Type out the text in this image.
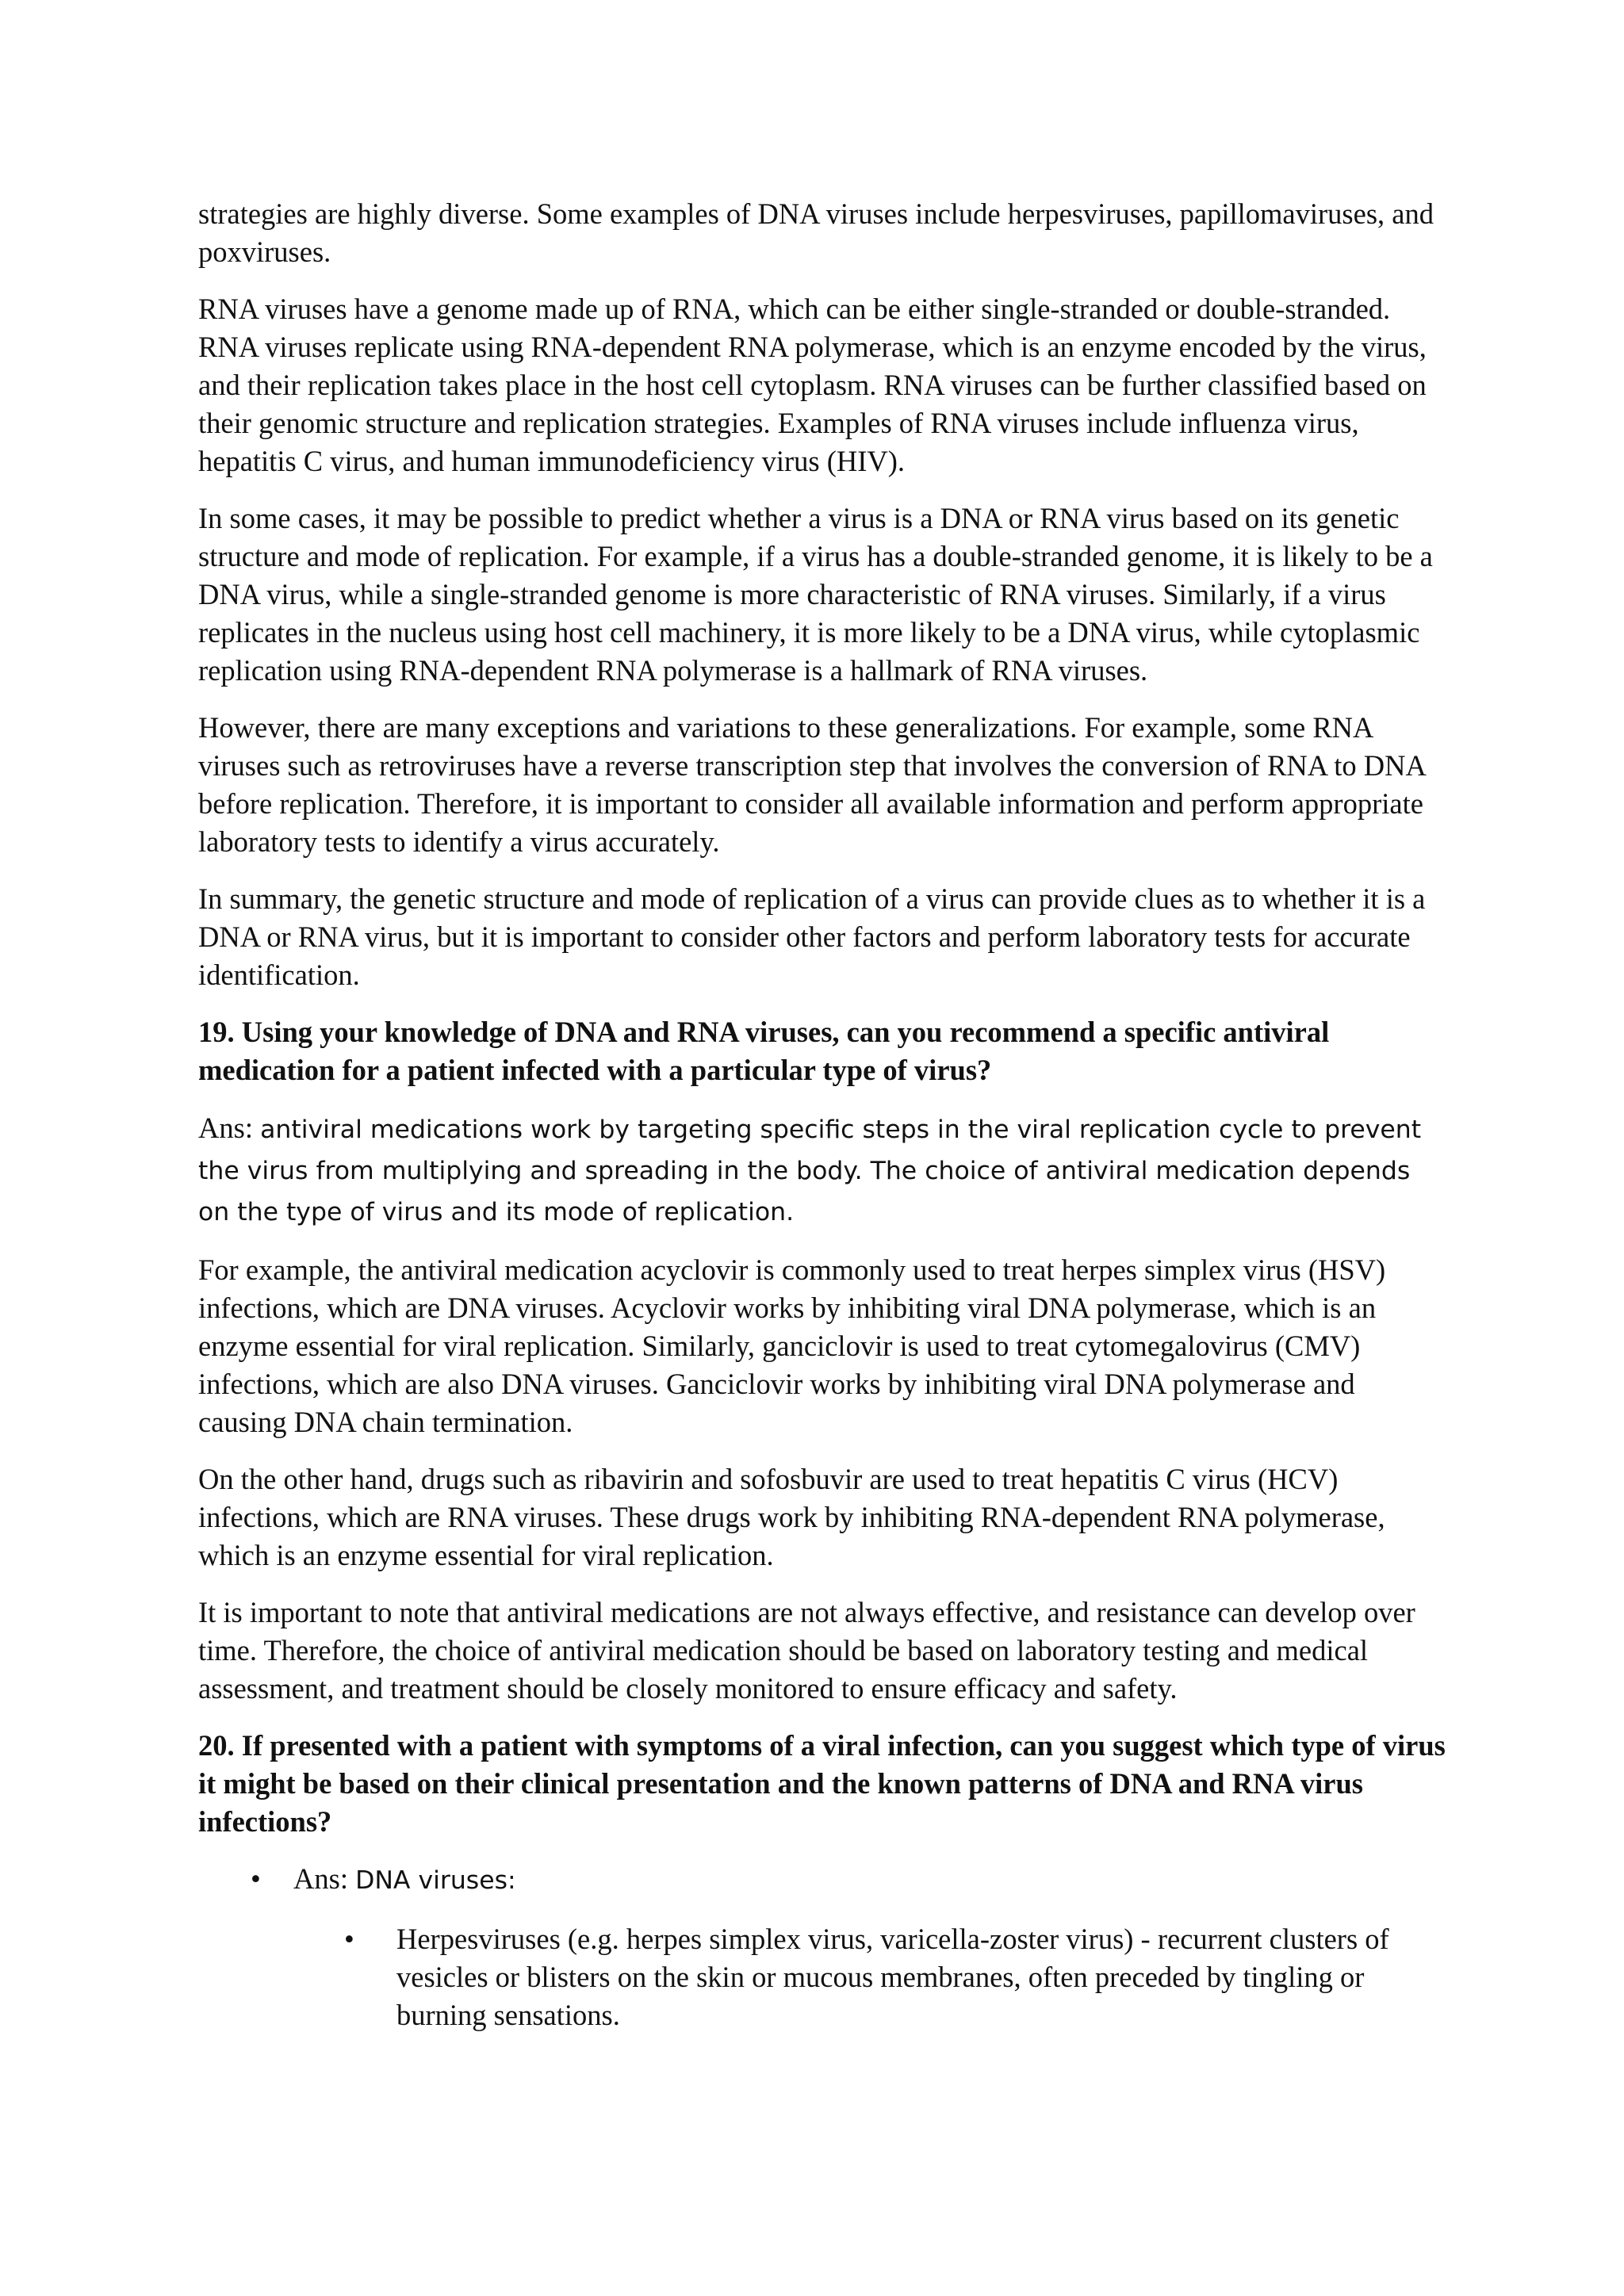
strategies are highly diverse. Some examples of DNA viruses include herpesviruses, papillomaviruses, and poxviruses.

RNA viruses have a genome made up of RNA, which can be either single-stranded or double-stranded. RNA viruses replicate using RNA-dependent RNA polymerase, which is an enzyme encoded by the virus, and their replication takes place in the host cell cytoplasm. RNA viruses can be further classified based on their genomic structure and replication strategies. Examples of RNA viruses include influenza virus, hepatitis C virus, and human immunodeficiency virus (HIV).

In some cases, it may be possible to predict whether a virus is a DNA or RNA virus based on its genetic structure and mode of replication. For example, if a virus has a double-stranded genome, it is likely to be a DNA virus, while a single-stranded genome is more characteristic of RNA viruses. Similarly, if a virus replicates in the nucleus using host cell machinery, it is more likely to be a DNA virus, while cytoplasmic replication using RNA-dependent RNA polymerase is a hallmark of RNA viruses.

However, there are many exceptions and variations to these generalizations. For example, some RNA viruses such as retroviruses have a reverse transcription step that involves the conversion of RNA to DNA before replication. Therefore, it is important to consider all available information and perform appropriate laboratory tests to identify a virus accurately.

In summary, the genetic structure and mode of replication of a virus can provide clues as to whether it is a DNA or RNA virus, but it is important to consider other factors and perform laboratory tests for accurate identification.

19. Using your knowledge of DNA and RNA viruses, can you recommend a specific antiviral medication for a patient infected with a particular type of virus?

Ans: antiviral medications work by targeting specific steps in the viral replication cycle to prevent the virus from multiplying and spreading in the body. The choice of antiviral medication depends on the type of virus and its mode of replication.

For example, the antiviral medication acyclovir is commonly used to treat herpes simplex virus (HSV) infections, which are DNA viruses. Acyclovir works by inhibiting viral DNA polymerase, which is an enzyme essential for viral replication. Similarly, ganciclovir is used to treat cytomegalovirus (CMV) infections, which are also DNA viruses. Ganciclovir works by inhibiting viral DNA polymerase and causing DNA chain termination.

On the other hand, drugs such as ribavirin and sofosbuvir are used to treat hepatitis C virus (HCV) infections, which are RNA viruses. These drugs work by inhibiting RNA-dependent RNA polymerase, which is an enzyme essential for viral replication.

It is important to note that antiviral medications are not always effective, and resistance can develop over time. Therefore, the choice of antiviral medication should be based on laboratory testing and medical assessment, and treatment should be closely monitored to ensure efficacy and safety.

20. If presented with a patient with symptoms of a viral infection, can you suggest which type of virus it might be based on their clinical presentation and the known patterns of DNA and RNA virus infections?

• Ans: DNA viruses:
• Herpesviruses (e.g. herpes simplex virus, varicella-zoster virus) - recurrent clusters of vesicles or blisters on the skin or mucous membranes, often preceded by tingling or burning sensations.
